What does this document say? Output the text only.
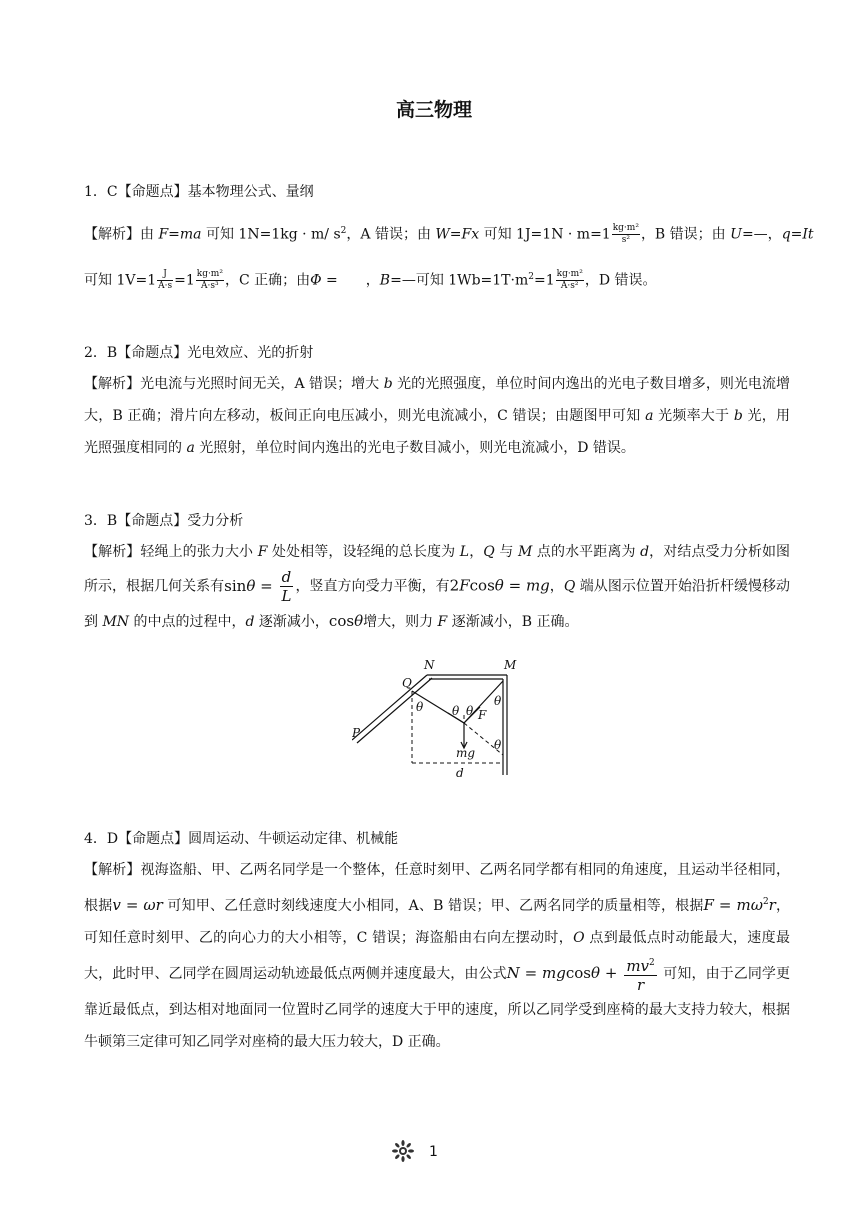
高三物理
1．C【命题点】基本物理公式、量纲
【解析】由 F=ma 可知 1N=1kg · m/ $s^2$，A 错误；由 W=Fx 可知 $1J=1N \cdot m=1 \frac{\text{kg·m²}}{\text{s²}}$ ，B 错误；由 U=—，q=It
可知 $1V=1 \frac{J}{A\cdot s} =1 \frac{\text{kg·m²}}{\text{A·s³}}$ ，C 正确；由Φ =　　，B=—可知 $1Wb=1T\cdot m^2=1 \frac{\text{kg·m²}}{\text{A·s²}}$ ，D 错误。
2．B【命题点】光电效应、光的折射
【解析】光电流与光照时间无关，A 错误；增大 b 光的光照强度，单位时间内逸出的光电子数目增多，则光电流增大，B 正确；滑片向左移动，板间正向电压减小，则光电流减小，C 错误；由题图甲可知 a 光频率大于 b 光，用光照强度相同的 a 光照射，单位时间内逸出的光电子数目减小，则光电流减小，D 错误。
3．B【命题点】受力分析
【解析】轻绳上的张力大小 F 处处相等，设轻绳的总长度为 L，Q 与 M 点的水平距离为 d，对结点受力分析如图所示，根据几何关系有$\sin\theta = \frac{d}{L}$ ，竖直方向受力平衡，有2Fcosθ = mg，Q 端从图示位置开始沿折杆缓慢移动到 MN 的中点的过程中，d 逐渐减小，cosθ增大，则力 F 逐渐减小，B 正确。
N	M
Q
P
θ θ θ
θ
θ
F
mg
d
4．D【命题点】圆周运动、牛顿运动定律、机械能
【解析】视海盗船、甲、乙两名同学是一个整体，任意时刻甲、乙两名同学都有相同的角速度，且运动半径相同，根据v = ωr 可知甲、乙任意时刻线速度大小相同，A、B 错误；甲、乙两名同学的质量相等，根据$F = m\omega^2r$，可知任意时刻甲、乙的向心力的大小相等，C 错误；海盗船由右向左摆动时，O 点到最低点时动能最大，速度最大，此时甲、乙同学在圆周运动轨迹最低点两侧并速度最大，由公式$N = mgcos\theta + \frac{mv^2}{r}$ 可知，由于乙同学更靠近最低点，到达相对地面同一位置时乙同学的速度大于甲的速度，所以乙同学受到座椅的最大支持力较大，根据牛顿第三定律可知乙同学对座椅的最大压力较大，D 正确。
1
